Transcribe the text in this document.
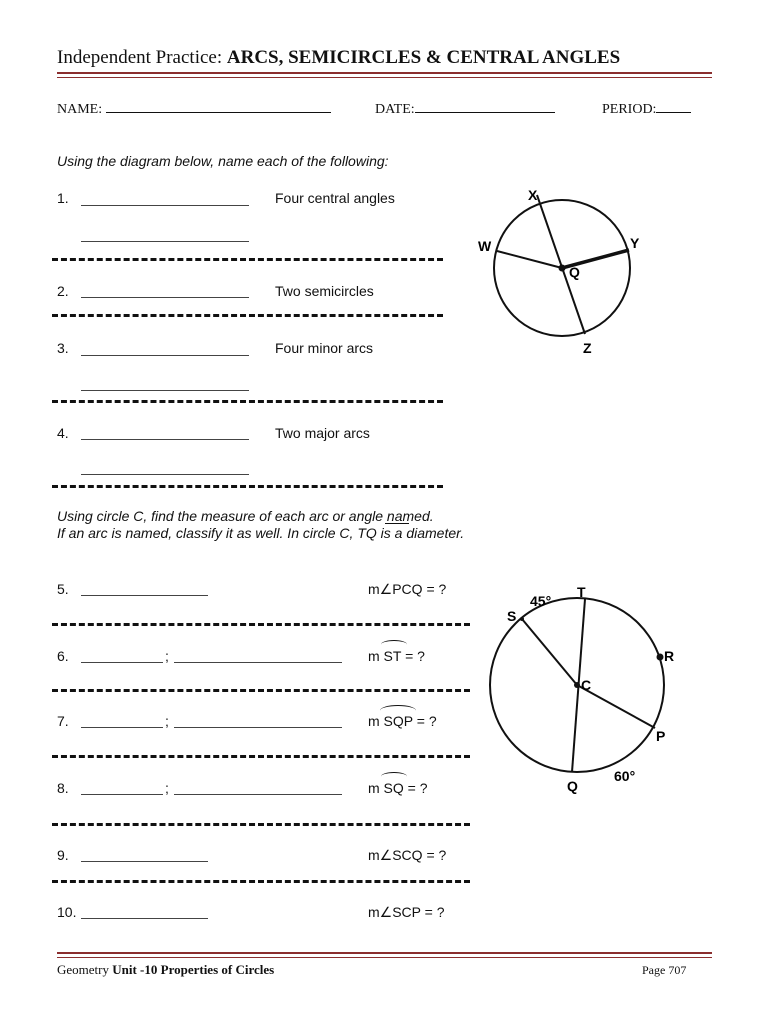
Independent Practice: ARCS, SEMICIRCLES & CENTRAL ANGLES
NAME:	DATE:	PERIOD:
Using the diagram below, name each of the following:
1.	Four central angles
2.	Two semicircles
3.	Four minor arcs
4.	Two major arcs
X
Y
W
Q
Z
Using circle C, find the measure of each arc or angle named.
If an arc is named, classify it as well. In circle C, TQ is a diameter.
5.	m∠PCQ = ?
6.	;	m ST = ?
7.	;	m SQP = ?
8.	;	m SQ = ?
9.	m∠SCQ = ?
10.	m∠SCP = ?
T
S
R
C
P
Q
45°
60°
Geometry Unit -10 Properties of Circles	Page 707
